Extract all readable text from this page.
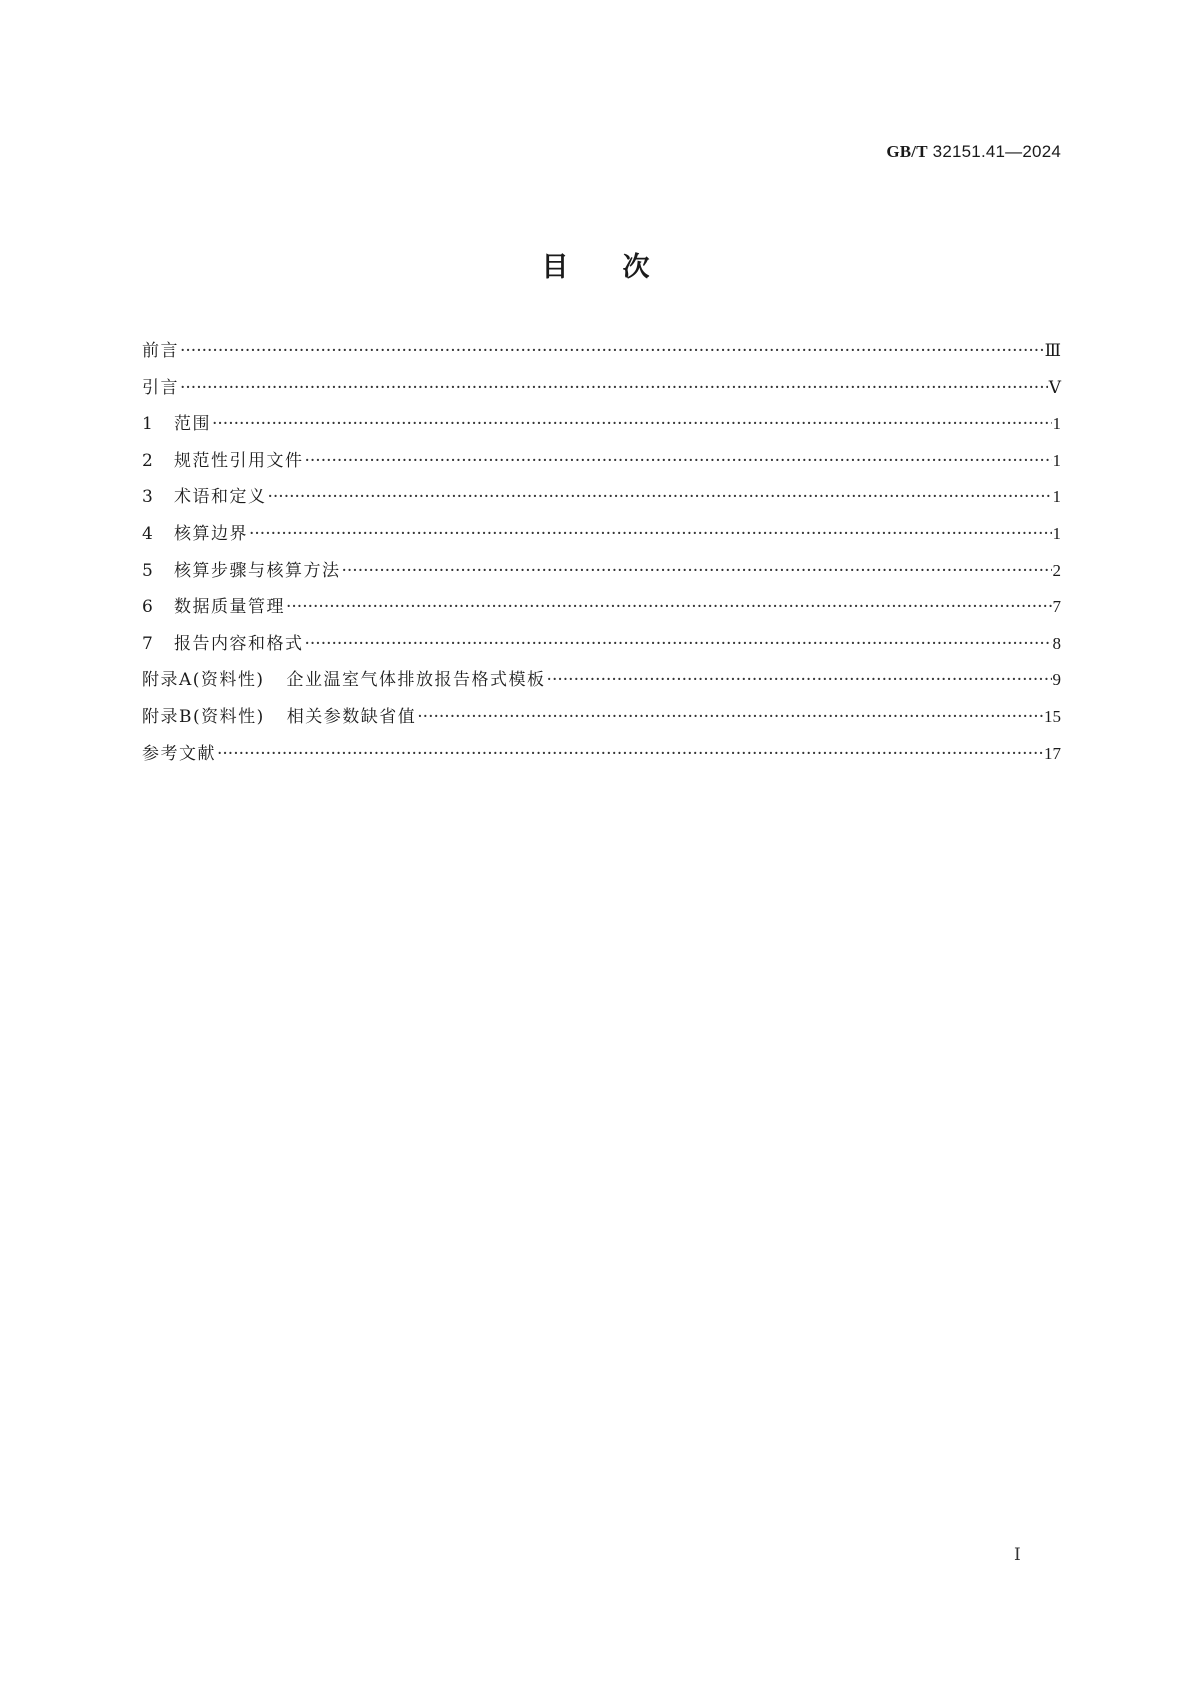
GB/T 32151.41—2024
目次
前言 ·····	Ⅲ
引言 ·····	Ⅴ
1	范围 ·····	1
2	规范性引用文件 ·····	1
3	术语和定义 ·····	1
4	核算边界 ·····	1
5	核算步骤与核算方法 ·····	2
6	数据质量管理 ·····	7
7	报告内容和格式 ·····	8
附录A(资料性) 企业温室气体排放报告格式模板 ·····	9
附录B(资料性) 相关参数缺省值 ·····	15
参考文献 ·····	17
Ⅰ
